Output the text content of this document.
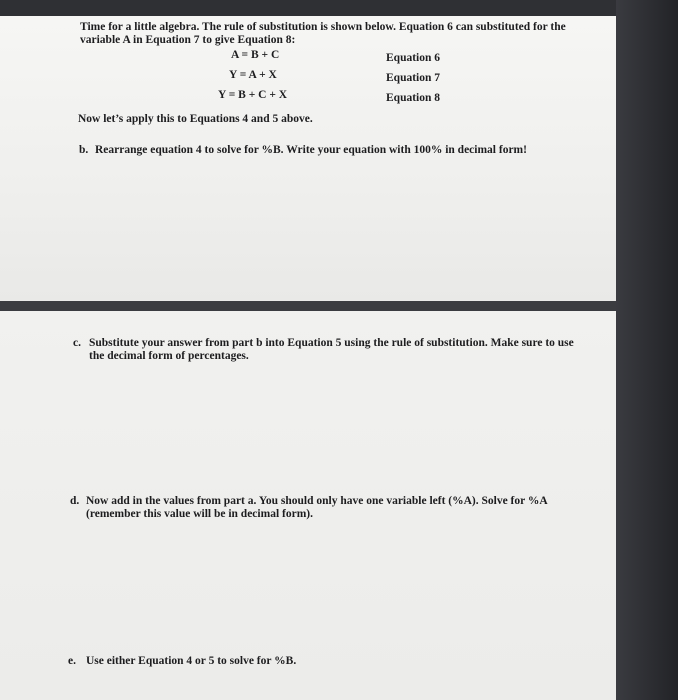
Time for a little algebra. The rule of substitution is shown below. Equation 6 can substituted for the variable A in Equation 7 to give Equation 8:
A = B + C	Equation 6
Y = A + X	Equation 7
Y = B + C + X	Equation 8
Now let’s apply this to Equations 4 and 5 above.
b. Rearrange equation 4 to solve for %B. Write your equation with 100% in decimal form!
c. Substitute your answer from part b into Equation 5 using the rule of substitution. Make sure to use the decimal form of percentages.
d. Now add in the values from part a. You should only have one variable left (%A). Solve for %A (remember this value will be in decimal form).
e. Use either Equation 4 or 5 to solve for %B.
